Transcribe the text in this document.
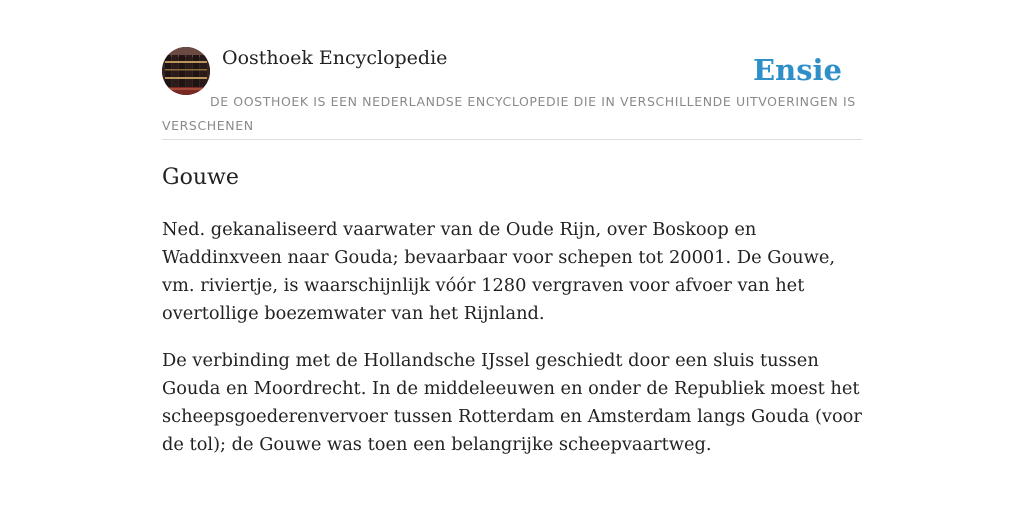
Oosthoek Encyclopedie	Ensie
DE OOSTHOEK IS EEN NEDERLANDSE ENCYCLOPEDIE DIE IN VERSCHILLENDE UITVOERINGEN IS VERSCHENEN
Gouwe

Ned. gekanaliseerd vaarwater van de Oude Rijn, over Boskoop en Waddinxveen naar Gouda; bevaarbaar voor schepen tot 20001. De Gouwe, vm. riviertje, is waarschijnlijk vóór 1280 vergraven voor afvoer van het overtollige boezemwater van het Rijnland.

De verbinding met de Hollandsche IJssel geschiedt door een sluis tussen Gouda en Moordrecht. In de middeleeuwen en onder de Republiek moest het scheepsgoederenvervoer tussen Rotterdam en Amsterdam langs Gouda (voor de tol); de Gouwe was toen een belangrijke scheepvaartweg.
